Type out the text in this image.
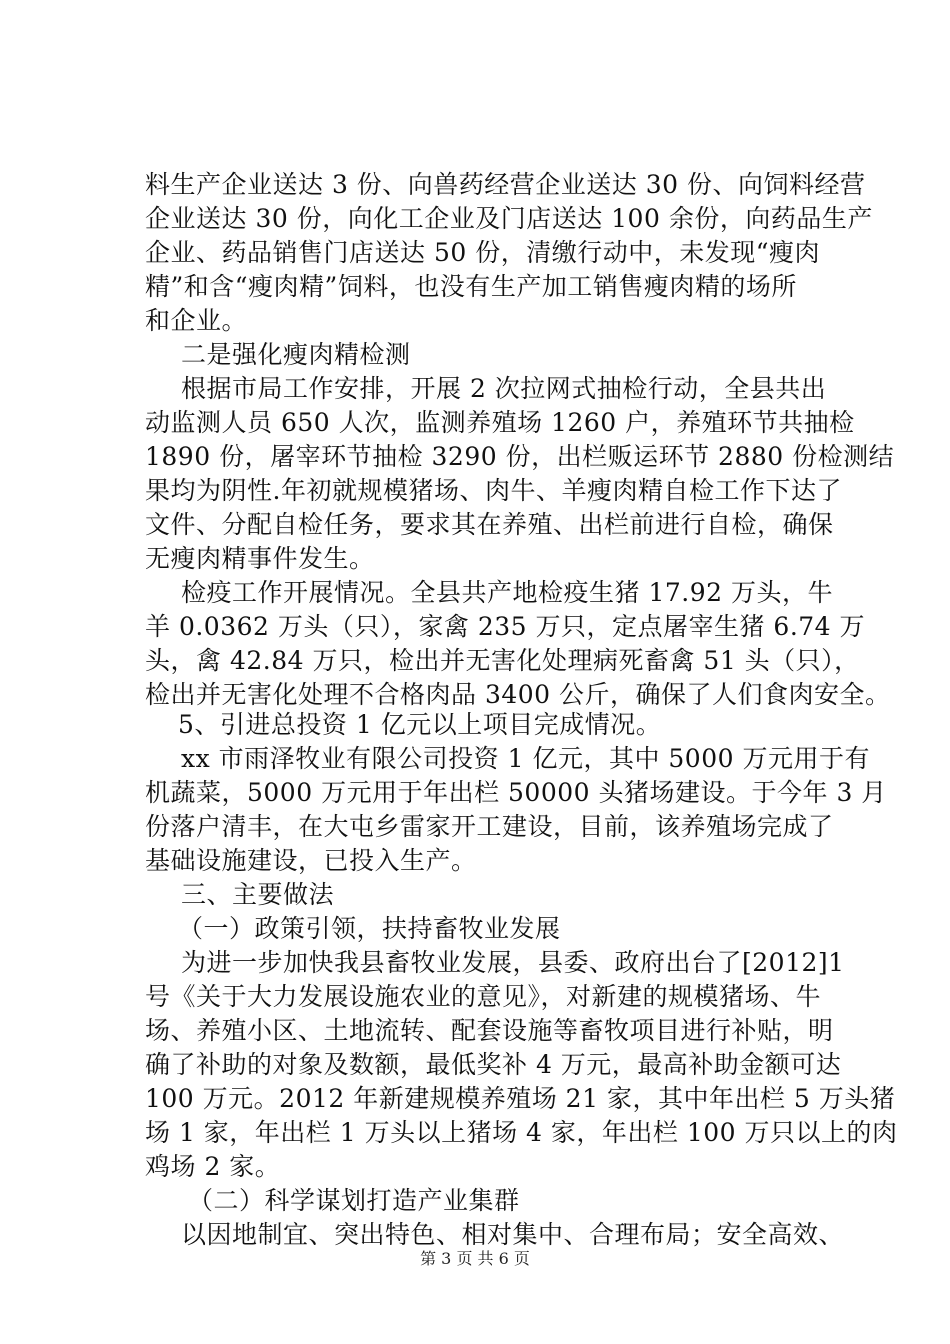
料生产企业送达 3 份、向兽药经营企业送达 30 份、向饲料经营
企业送达 30 份，向化工企业及门店送达 100 余份，向药品生产
企业、药品销售门店送达 50 份，清缴行动中，未发现“瘦肉
精”和含“瘦肉精”饲料，也没有生产加工销售瘦肉精的场所
和企业。
二是强化瘦肉精检测
根据市局工作安排，开展 2 次拉网式抽检行动，全县共出
动监测人员 650 人次，监测养殖场 1260 户，养殖环节共抽检
1890 份，屠宰环节抽检 3290 份，出栏贩运环节 2880 份检测结
果均为阴性.年初就规模猪场、肉牛、羊瘦肉精自检工作下达了
文件、分配自检任务，要求其在养殖、出栏前进行自检，确保
无瘦肉精事件发生。
检疫工作开展情况。全县共产地检疫生猪 17.92 万头，牛
羊 0.0362 万头（只），家禽 235 万只，定点屠宰生猪 6.74 万
头，禽 42.84 万只，检出并无害化处理病死畜禽 51 头（只），
检出并无害化处理不合格肉品 3400 公斤，确保了人们食肉安全。
5、引进总投资 1 亿元以上项目完成情况。
xx 市雨泽牧业有限公司投资 1 亿元，其中 5000 万元用于有
机蔬菜，5000 万元用于年出栏 50000 头猪场建设。于今年 3 月
份落户清丰，在大屯乡雷家开工建设，目前，该养殖场完成了
基础设施建设，已投入生产。
三、主要做法
（一）政策引领，扶持畜牧业发展
为进一步加快我县畜牧业发展，县委、政府出台了[2012]1
号《关于大力发展设施农业的意见》，对新建的规模猪场、牛
场、养殖小区、土地流转、配套设施等畜牧项目进行补贴，明
确了补助的对象及数额，最低奖补 4 万元，最高补助金额可达
100 万元。2012 年新建规模养殖场 21 家，其中年出栏 5 万头猪
场 1 家，年出栏 1 万头以上猪场 4 家，年出栏 100 万只以上的肉
鸡场 2 家。
（二）科学谋划打造产业集群
以因地制宜、突出特色、相对集中、合理布局；安全高效、
第 3 页 共 6 页
